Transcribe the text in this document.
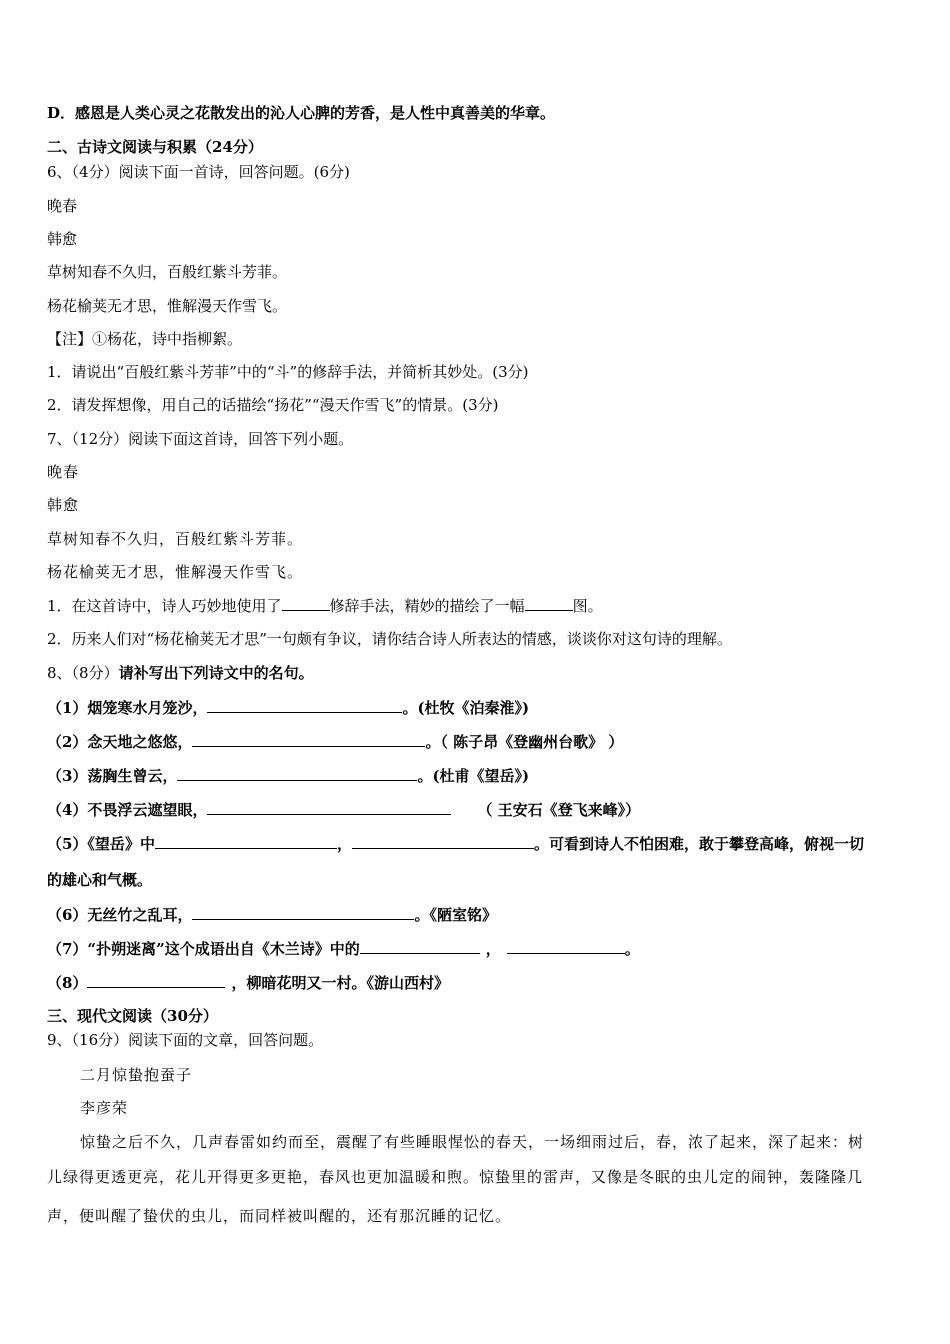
D．感恩是人类心灵之花散发出的沁人心脾的芳香，是人性中真善美的华章。
二、古诗文阅读与积累（24分）
6、（4分）阅读下面一首诗，回答问题。(6分)
晚春
韩愈
草树知春不久归，百般红紫斗芳菲。
杨花榆荚无才思，惟解漫天作雪飞。
【注】①杨花，诗中指柳絮。
1．请说出“百般红紫斗芳菲”中的“斗”的修辞手法，并简析其妙处。(3分)
2．请发挥想像，用自己的话描绘“扬花”“漫天作雪飞”的情景。(3分)
7、（12分）阅读下面这首诗，回答下列小题。
晚春
韩愈
草树知春不久归，百般红紫斗芳菲。
杨花榆荚无才思，惟解漫天作雪飞。
1．在这首诗中，诗人巧妙地使用了	修辞手法，精妙的描绘了一幅	图。
2．历来人们对“杨花榆荚无才思”一句颇有争议，请你结合诗人所表达的情感，谈谈你对这句诗的理解。
8、（8分）请补写出下列诗文中的名句。
（1）烟笼寒水月笼沙，	。(杜牧《泊秦淮》)
（2）念天地之悠悠，	。（ 陈子昂《登幽州台歌》 ）
（3）荡胸生曾云，	。(杜甫《望岳》)
（4）不畏浮云遮望眼，	（ 王安石《登飞来峰》）
（5）《望岳》中	，	。可看到诗人不怕困难，敢于攀登高峰，俯视一切
的雄心和气概。
（6）无丝竹之乱耳，	。《陋室铭》
（7）“扑朔迷离”这个成语出自《木兰诗》中的	，	。
（8）	，柳暗花明又一村。《游山西村》
三、现代文阅读（30分）
9、（16分）阅读下面的文章，回答问题。
二月惊蛰抱蚕子
李彦荣
惊蛰之后不久，几声春雷如约而至，震醒了有些睡眼惺忪的春天，一场细雨过后，春，浓了起来，深了起来：树
儿绿得更透更亮，花儿开得更多更艳，春风也更加温暖和煦。惊蛰里的雷声，又像是冬眠的虫儿定的闹钟，轰隆隆几
声，便叫醒了蛰伏的虫儿，而同样被叫醒的，还有那沉睡的记忆。
